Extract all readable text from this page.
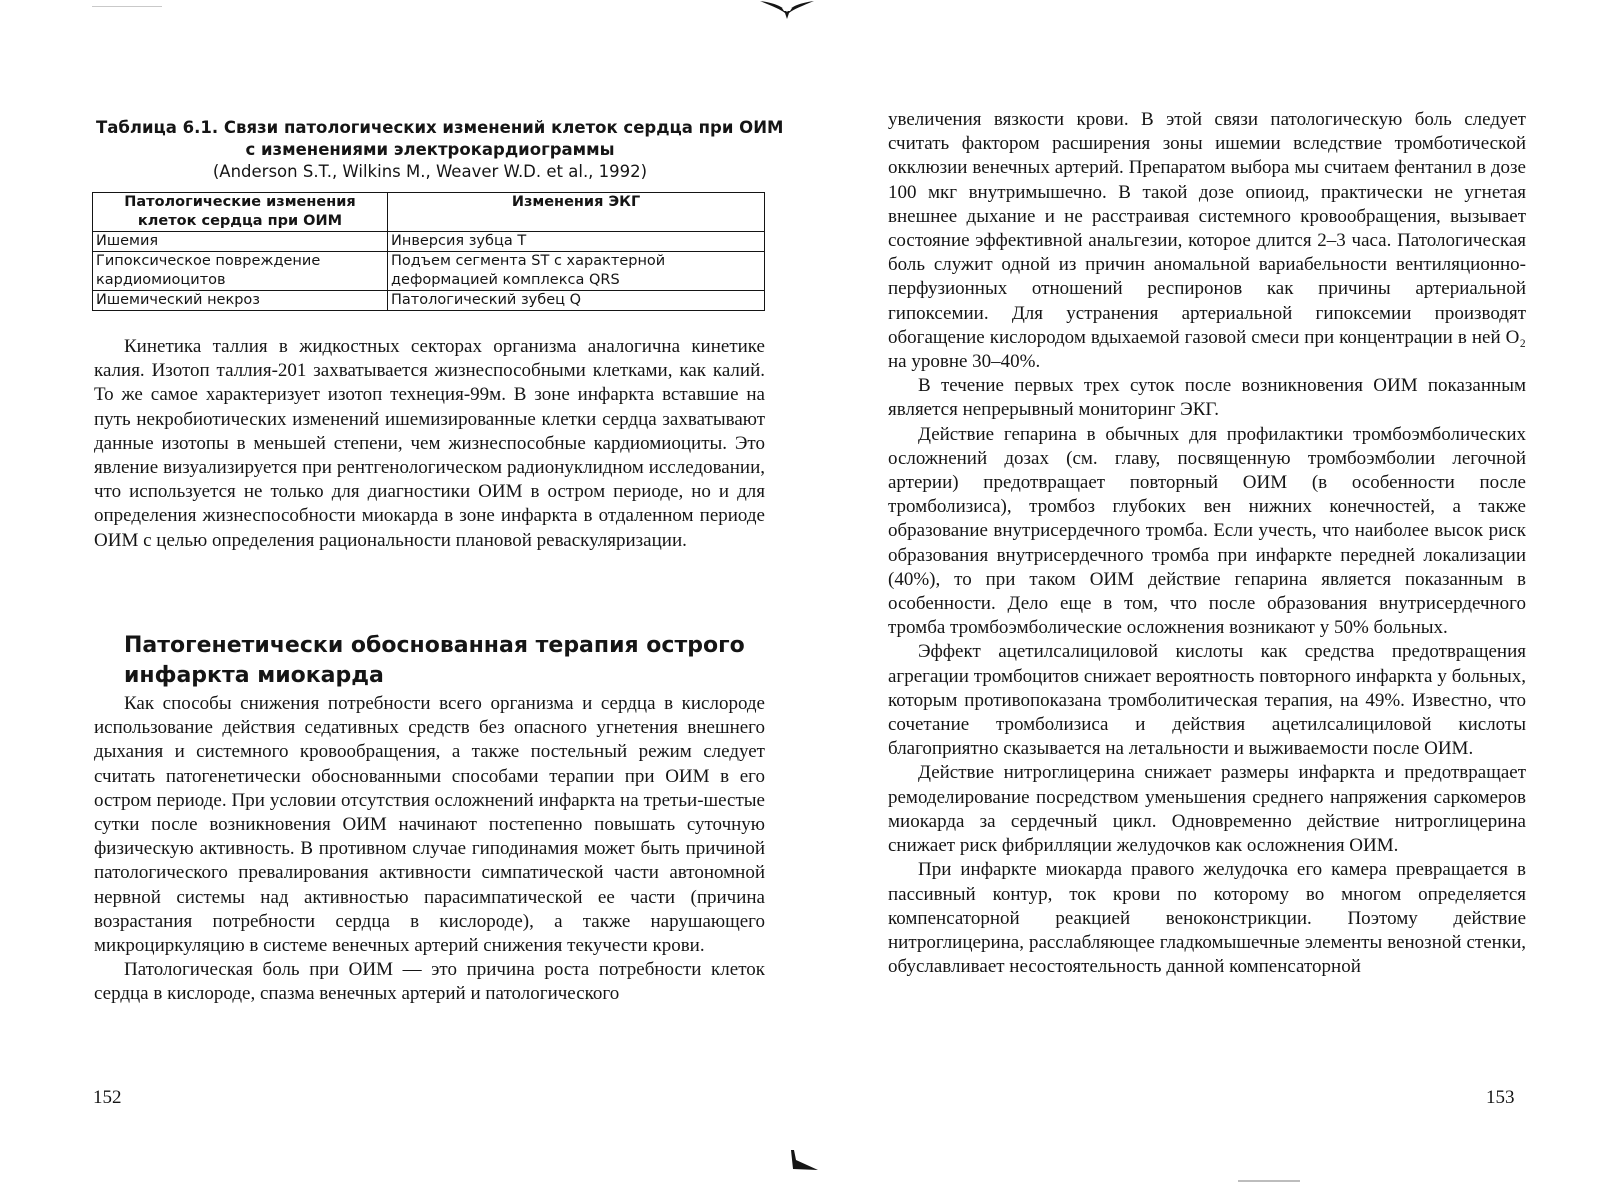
Таблица 6.1. Связи патологических изменений клеток сердца при ОИМ
с изменениями электрокардиограммы
(Anderson S.T., Wilkins M., Weaver W.D. et al., 1992)
Патологические изменения клеток сердца при ОИМ	Изменения ЭКГ
Ишемия	Инверсия зубца Т
Гипоксическое повреждение кардиомиоцитов	Подъем сегмента ST с характерной деформацией комплекса QRS
Ишемический некроз	Патологический зубец Q

Кинетика таллия в жидкостных секторах организма аналогична кинетике калия. Изотоп таллия-201 захватывается жизнеспособными клетками, как калий. То же самое характеризует изотоп технеция-99м. В зоне инфаркта вставшие на путь некробиотических изменений ишемизированные клетки сердца захватывают данные изотопы в меньшей степени, чем жизнеспособные кардиомиоциты. Это явление визуализируется при рентгенологическом радионуклидном исследовании, что используется не только для диагностики ОИМ в остром периоде, но и для определения жизнеспособности миокарда в зоне инфаркта в отдаленном периоде ОИМ с целью определения рациональности плановой реваскуляризации.

Патогенетически обоснованная терапия острого
инфаркта миокарда

Как способы снижения потребности всего организма и сердца в кислороде использование действия седативных средств без опасного угнетения внешнего дыхания и системного кровообращения, а также постельный режим следует считать патогенетически обоснованными способами терапии при ОИМ в его остром периоде. При условии отсутствия осложнений инфаркта на третьи-шестые сутки после возникновения ОИМ начинают постепенно повышать суточную физическую активность. В противном случае гиподинамия может быть причиной патологического превалирования активности симпатической части автономной нервной системы над активностью парасимпатической ее части (причина возрастания потребности сердца в кислороде), а также нарушающего микроциркуляцию в системе венечных артерий снижения текучести крови.

Патологическая боль при ОИМ — это причина роста потребности клеток сердца в кислороде, спазма венечных артерий и патологического

152

увеличения вязкости крови. В этой связи патологическую боль следует считать фактором расширения зоны ишемии вследствие тромботической окклюзии венечных артерий. Препаратом выбора мы считаем фентанил в дозе 100 мкг внутримышечно. В такой дозе опиоид, практически не угнетая внешнее дыхание и не расстраивая системного кровообращения, вызывает состояние эффективной анальгезии, которое длится 2–3 часа. Патологическая боль служит одной из причин аномальной вариабельности вентиляционно-перфузионных отношений респиронов как причины артериальной гипоксемии. Для устранения артериальной гипоксемии производят обогащение кислородом вдыхаемой газовой смеси при концентрации в ней O₂ на уровне 30–40%.

В течение первых трех суток после возникновения ОИМ показанным является непрерывный мониторинг ЭКГ.

Действие гепарина в обычных для профилактики тромбоэмболических осложнений дозах (см. главу, посвященную тромбоэмболии легочной артерии) предотвращает повторный ОИМ (в особенности после тромболизиса), тромбоз глубоких вен нижних конечностей, а также образование внутрисердечного тромба. Если учесть, что наиболее высок риск образования внутрисердечного тромба при инфаркте передней локализации (40%), то при таком ОИМ действие гепарина является показанным в особенности. Дело еще в том, что после образования внутрисердечного тромба тромбоэмболические осложнения возникают у 50% больных.

Эффект ацетилсалициловой кислоты как средства предотвращения агрегации тромбоцитов снижает вероятность повторного инфаркта у больных, которым противопоказана тромболитическая терапия, на 49%. Известно, что сочетание тромболизиса и действия ацетилсалициловой кислоты благоприятно сказывается на летальности и выживаемости после ОИМ.

Действие нитроглицерина снижает размеры инфаркта и предотвращает ремоделирование посредством уменьшения среднего напряжения саркомеров миокарда за сердечный цикл. Одновременно действие нитроглицерина снижает риск фибрилляции желудочков как осложнения ОИМ.

При инфаркте миокарда правого желудочка его камера превращается в пассивный контур, ток крови по которому во многом определяется компенсаторной реакцией веноконстрикции. Поэтому действие нитроглицерина, расслабляющее гладкомышечные элементы венозной стенки, обуславливает несостоятельность данной компенсаторной

153
